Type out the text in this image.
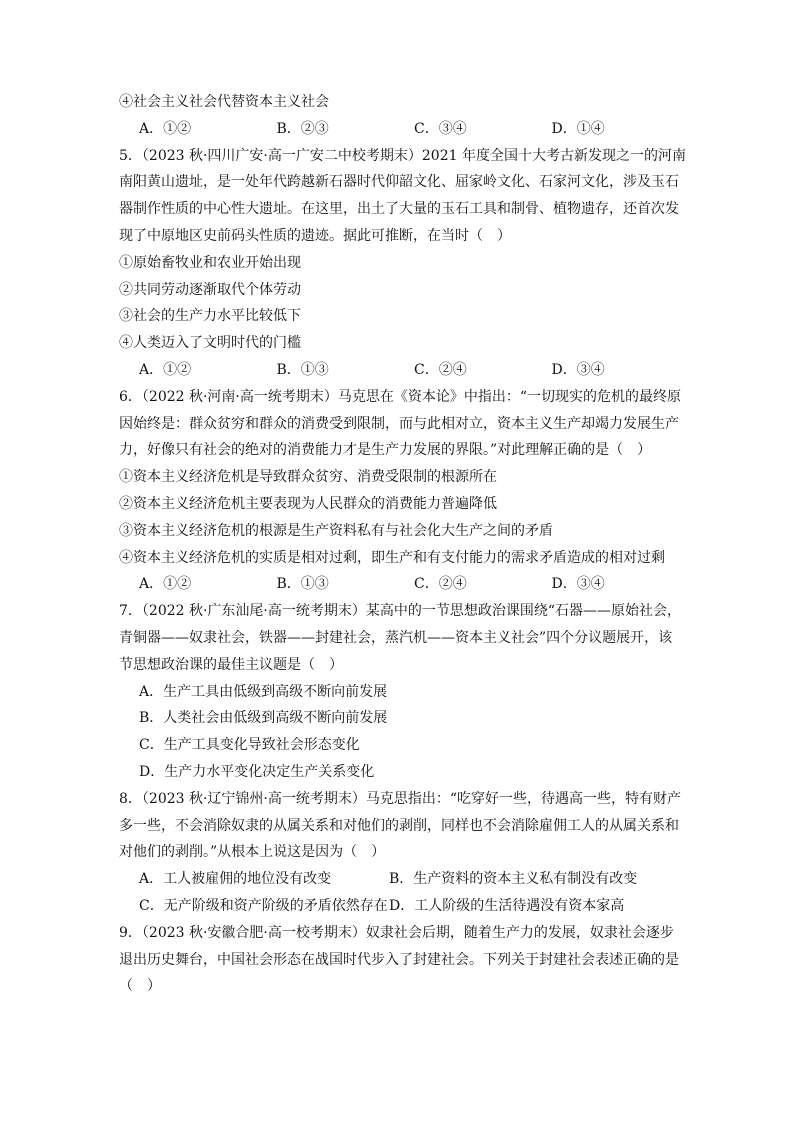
④社会主义社会代替资本主义社会
A．①②	B．②③	C．③④	D．①④
5．（2023 秋·四川广安·高一广安二中校考期末）2021 年度全国十大考古新发现之一的河南
南阳黄山遗址，是一处年代跨越新石器时代仰韶文化、屈家岭文化、石家河文化，涉及玉石
器制作性质的中心性大遗址。在这里，出土了大量的玉石工具和制骨、植物遗存，还首次发
现了中原地区史前码头性质的遗迹。据此可推断，在当时（　）
①原始畜牧业和农业开始出现
②共同劳动逐渐取代个体劳动
③社会的生产力水平比较低下
④人类迈入了文明时代的门槛
A．①②	B．①③	C．②④	D．③④
6．（2022 秋·河南·高一统考期末）马克思在《资本论》中指出：“一切现实的危机的最终原
因始终是：群众贫穷和群众的消费受到限制，而与此相对立，资本主义生产却竭力发展生产
力，好像只有社会的绝对的消费能力才是生产力发展的界限。”对此理解正确的是（　）
①资本主义经济危机是导致群众贫穷、消费受限制的根源所在
②资本主义经济危机主要表现为人民群众的消费能力普遍降低
③资本主义经济危机的根源是生产资料私有与社会化大生产之间的矛盾
④资本主义经济危机的实质是相对过剩，即生产和有支付能力的需求矛盾造成的相对过剩
A．①②	B．①③	C．②④	D．③④
7．（2022 秋·广东汕尾·高一统考期末）某高中的一节思想政治课围绕“石器——原始社会，
青铜器——奴隶社会，铁器——封建社会，蒸汽机——资本主义社会”四个分议题展开，该
节思想政治课的最佳主议题是（　）
A．生产工具由低级到高级不断向前发展
B．人类社会由低级到高级不断向前发展
C．生产工具变化导致社会形态变化
D．生产力水平变化决定生产关系变化
8．（2023 秋·辽宁锦州·高一统考期末）马克思指出：“吃穿好一些，待遇高一些，特有财产
多一些，不会消除奴隶的从属关系和对他们的剥削，同样也不会消除雇佣工人的从属关系和
对他们的剥削。”从根本上说这是因为（　）
A．工人被雇佣的地位没有改变	B．生产资料的资本主义私有制没有改变
C．无产阶级和资产阶级的矛盾依然存在 D．工人阶级的生活待遇没有资本家高
9．（2023 秋·安徽合肥·高一校考期末）奴隶社会后期，随着生产力的发展，奴隶社会逐步
退出历史舞台，中国社会形态在战国时代步入了封建社会。下列关于封建社会表述正确的是
（　）
